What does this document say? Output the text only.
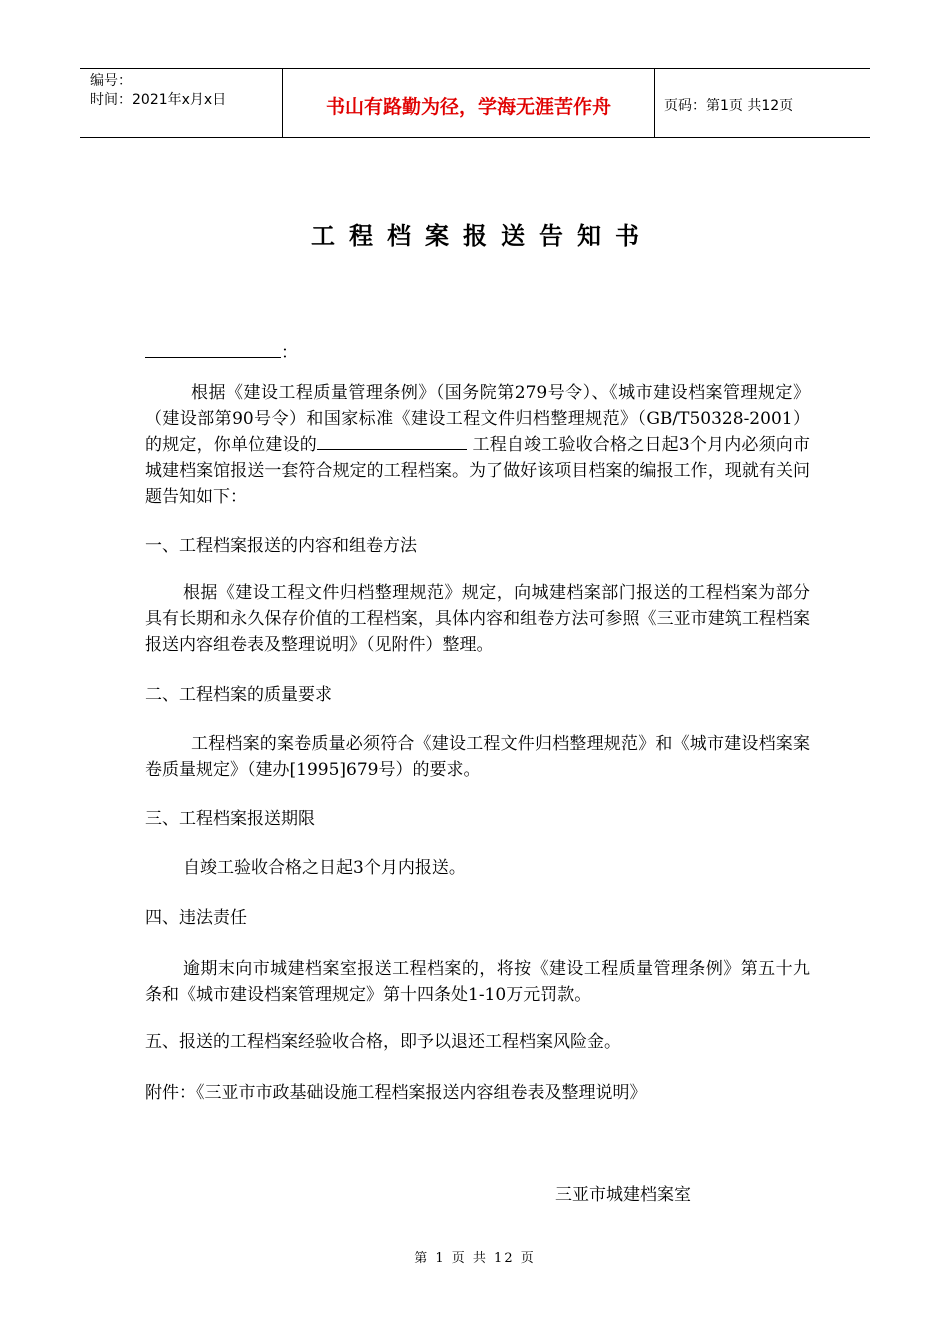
编号：
时间：2021年x月x日	书山有路勤为径，学海无涯苦作舟	页码：第1页 共12页
工程档案报送告知书
：

根据《建设工程质量管理条例》（国务院第279号令）、《城市建设档案管理规定》（建设部第90号令）和国家标准《建设工程文件归档整理规范》（GB/T50328-2001）的规定，你单位建设的	工程自竣工验收合格之日起3个月内必须向市城建档案馆报送一套符合规定的工程档案。为了做好该项目档案的编报工作，现就有关问题告知如下：

一、工程档案报送的内容和组卷方法

根据《建设工程文件归档整理规范》规定，向城建档案部门报送的工程档案为部分具有长期和永久保存价值的工程档案，具体内容和组卷方法可参照《三亚市建筑工程档案报送内容组卷表及整理说明》（见附件）整理。

二、工程档案的质量要求

工程档案的案卷质量必须符合《建设工程文件归档整理规范》和《城市建设档案案卷质量规定》（建办[1995]679号）的要求。

三、工程档案报送期限

自竣工验收合格之日起3个月内报送。

四、违法责任

逾期末向市城建档案室报送工程档案的，将按《建设工程质量管理条例》第五十九条和《城市建设档案管理规定》第十四条处1-10万元罚款。

五、报送的工程档案经验收合格，即予以退还工程档案风险金。

附件：《三亚市市政基础设施工程档案报送内容组卷表及整理说明》

三亚市城建档案室
第 1 页 共 12 页
